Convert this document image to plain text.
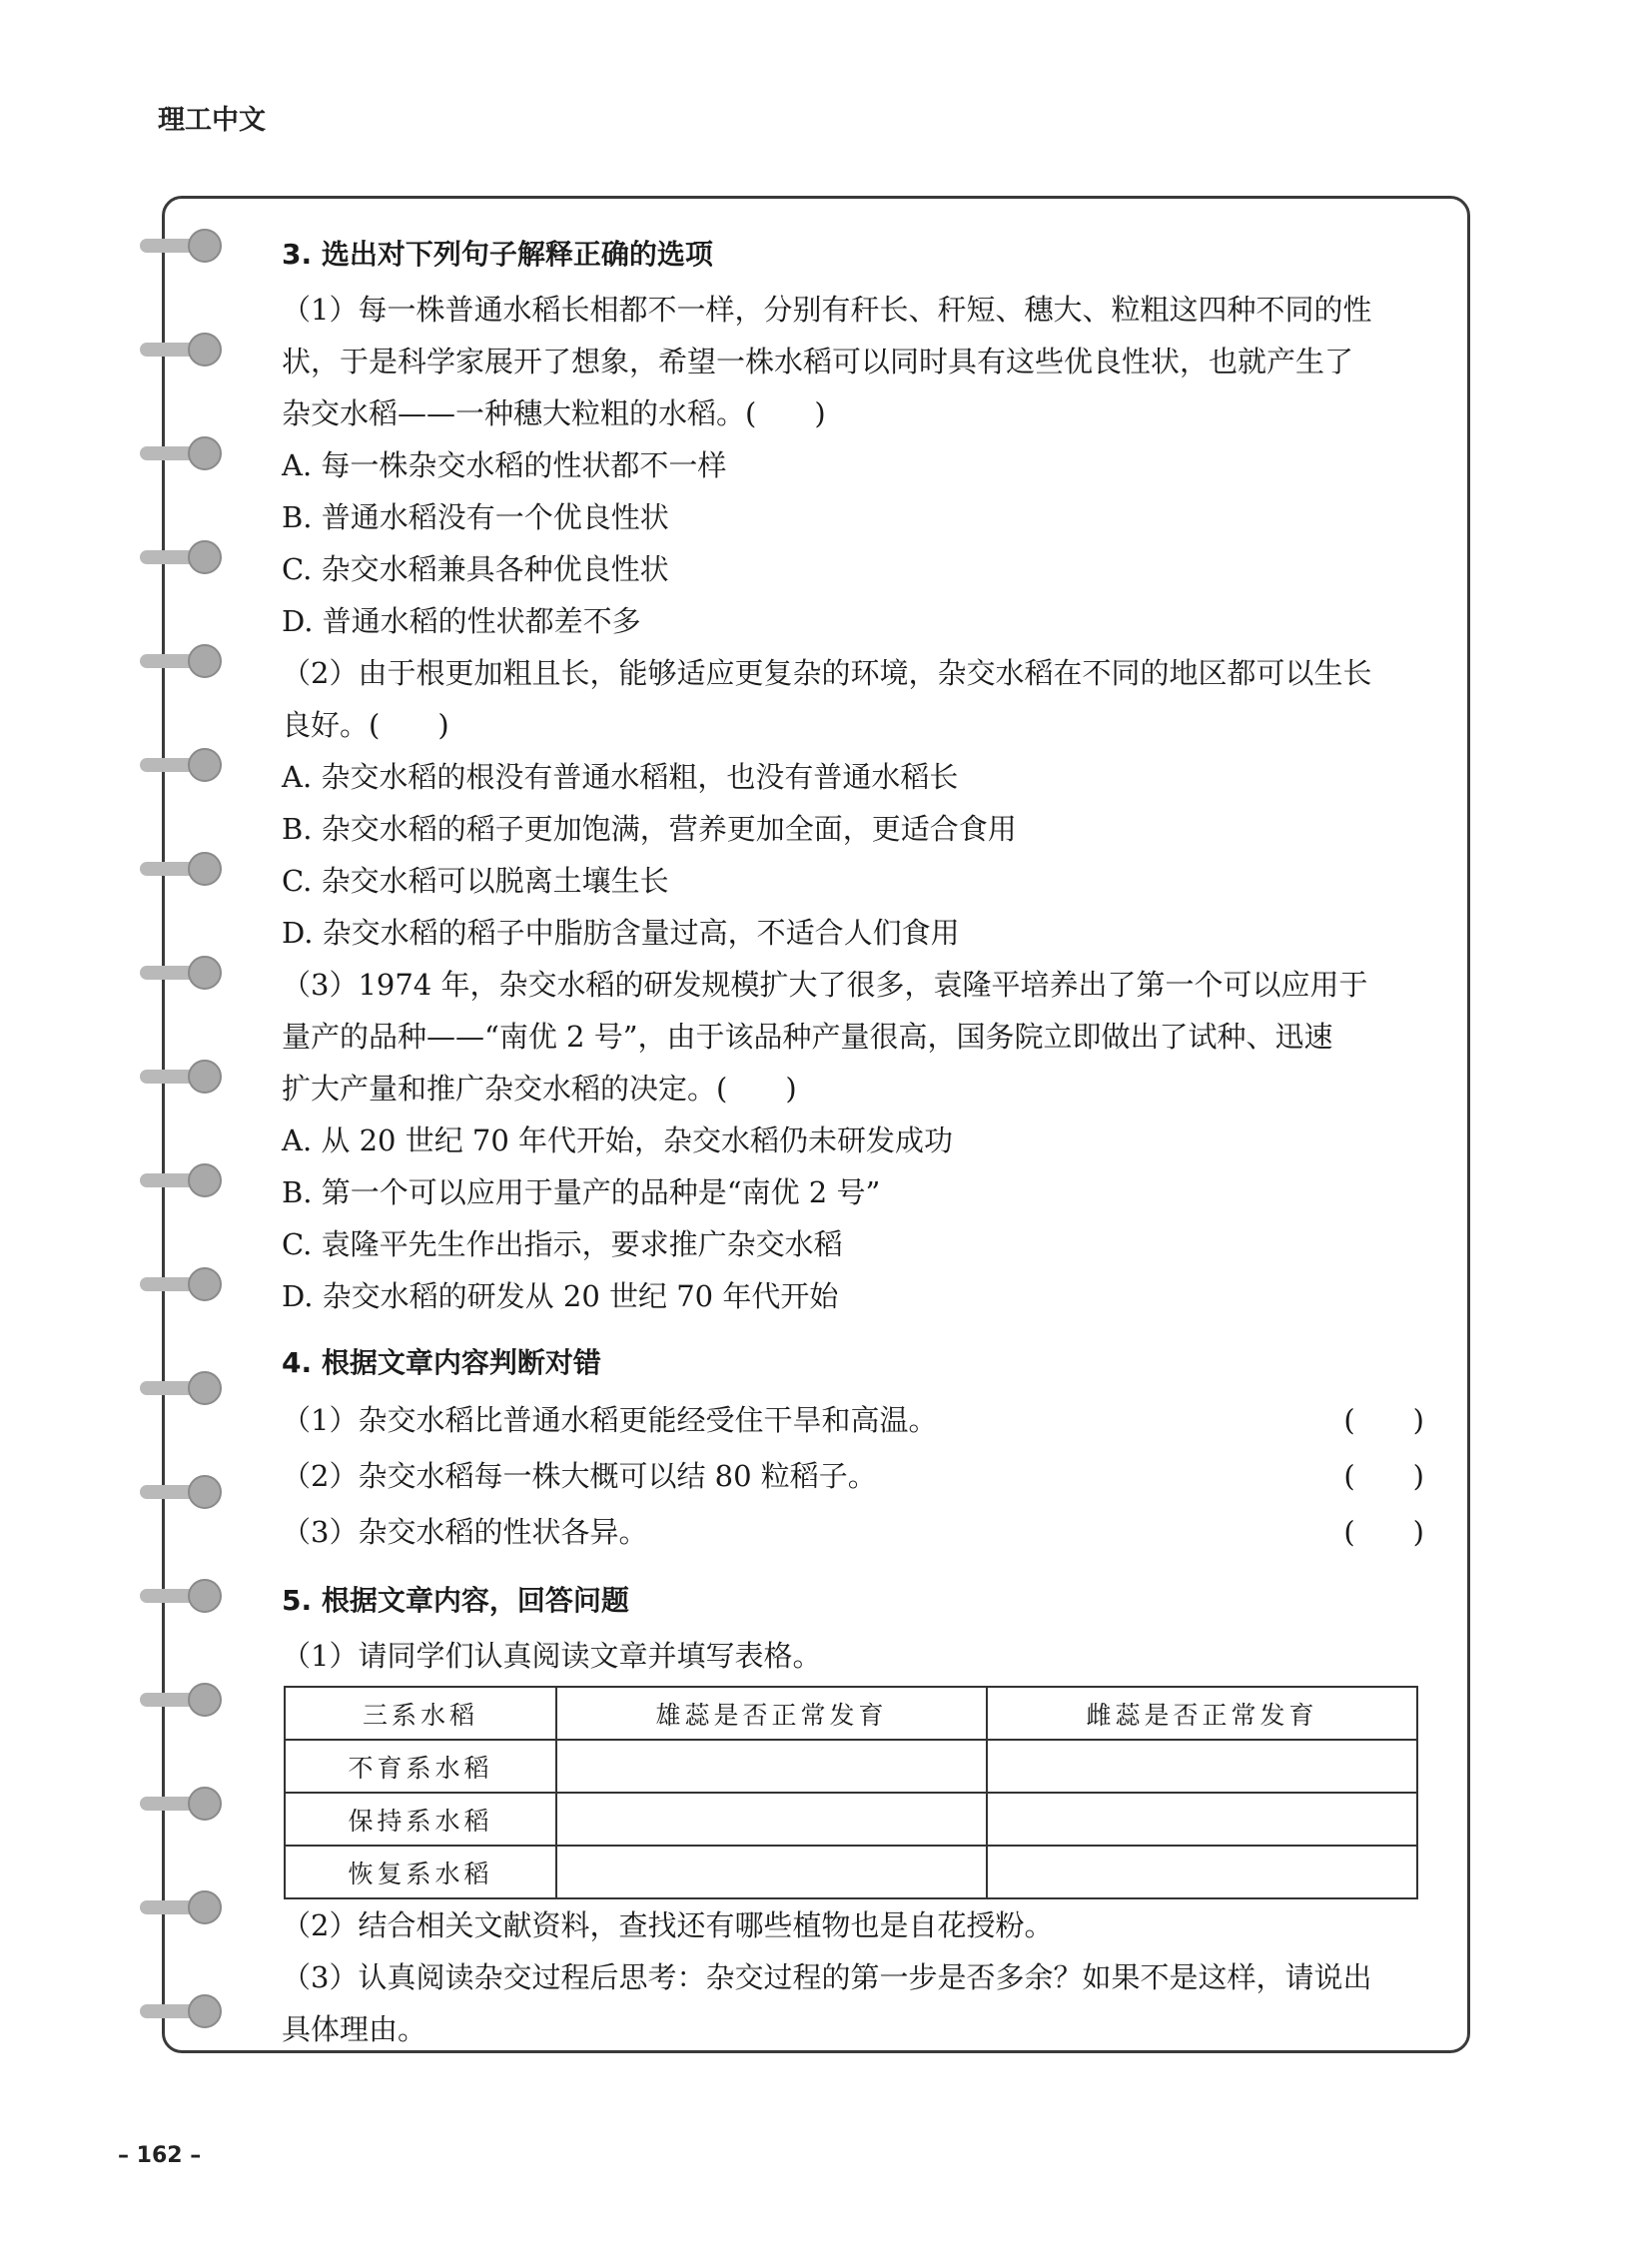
理工中文
3. 选出对下列句子解释正确的选项
（1）每一株普通水稻长相都不一样，分别有秆长、秆短、穗大、粒粗这四种不同的性
状，于是科学家展开了想象，希望一株水稻可以同时具有这些优良性状，也就产生了
杂交水稻——一种穗大粒粗的水稻。(　　)
A. 每一株杂交水稻的性状都不一样
B. 普通水稻没有一个优良性状
C. 杂交水稻兼具各种优良性状
D. 普通水稻的性状都差不多
（2）由于根更加粗且长，能够适应更复杂的环境，杂交水稻在不同的地区都可以生长
良好。(　　)
A. 杂交水稻的根没有普通水稻粗，也没有普通水稻长
B. 杂交水稻的稻子更加饱满，营养更加全面，更适合食用
C. 杂交水稻可以脱离土壤生长
D. 杂交水稻的稻子中脂肪含量过高，不适合人们食用
（3）1974 年，杂交水稻的研发规模扩大了很多，袁隆平培养出了第一个可以应用于
量产的品种——“南优 2 号”，由于该品种产量很高，国务院立即做出了试种、迅速
扩大产量和推广杂交水稻的决定。(　　)
A. 从 20 世纪 70 年代开始，杂交水稻仍未研发成功
B. 第一个可以应用于量产的品种是“南优 2 号”
C. 袁隆平先生作出指示，要求推广杂交水稻
D. 杂交水稻的研发从 20 世纪 70 年代开始
4. 根据文章内容判断对错
（1）杂交水稻比普通水稻更能经受住干旱和高温。	(　　)
（2）杂交水稻每一株大概可以结 80 粒稻子。	(　　)
（3）杂交水稻的性状各异。	(　　)
5. 根据文章内容，回答问题
（1）请同学们认真阅读文章并填写表格。
三系水稻	雄蕊是否正常发育	雌蕊是否正常发育
不育系水稻		
保持系水稻		
恢复系水稻		
（2）结合相关文献资料，查找还有哪些植物也是自花授粉。
（3）认真阅读杂交过程后思考：杂交过程的第一步是否多余？如果不是这样，请说出
具体理由。
– 162 –
